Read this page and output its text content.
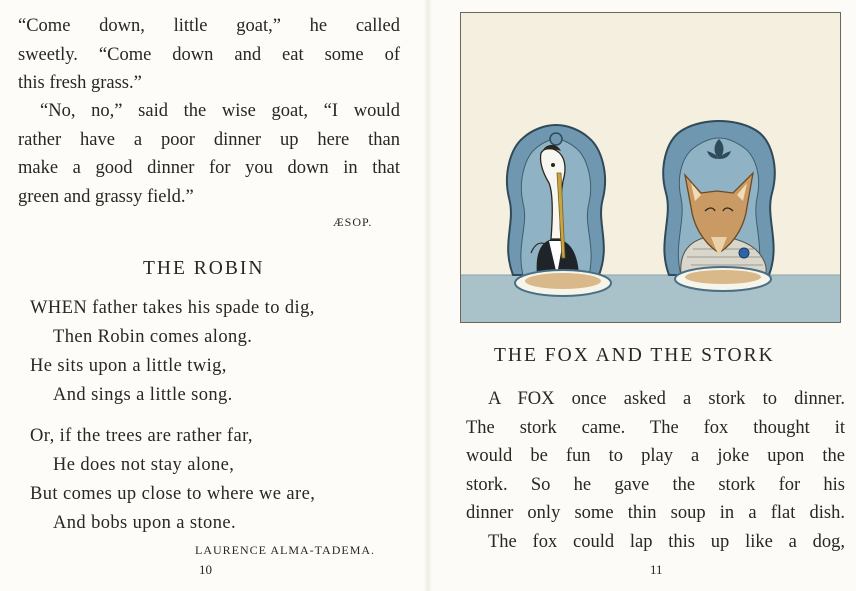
“Come down, little goat,” he called
sweetly. “Come down and eat some of
this fresh grass.”
“No, no,” said the wise goat, “I would
rather have a poor dinner up here than
make a good dinner for you down in that
green and grassy field.”
ÆSOP.
THE ROBIN
WHEN father takes his spade to dig,
Then Robin comes along.
He sits upon a little twig,
And sings a little song.
Or, if the trees are rather far,
He does not stay alone,
But comes up close to where we are,
And bobs upon a stone.
LAURENCE ALMA-TADEMA.
10
THE FOX AND THE STORK
A FOX once asked a stork to dinner.
The stork came. The fox thought it
would be fun to play a joke upon the
stork. So he gave the stork for his
dinner only some thin soup in a flat dish.
The fox could lap this up like a dog,
11
